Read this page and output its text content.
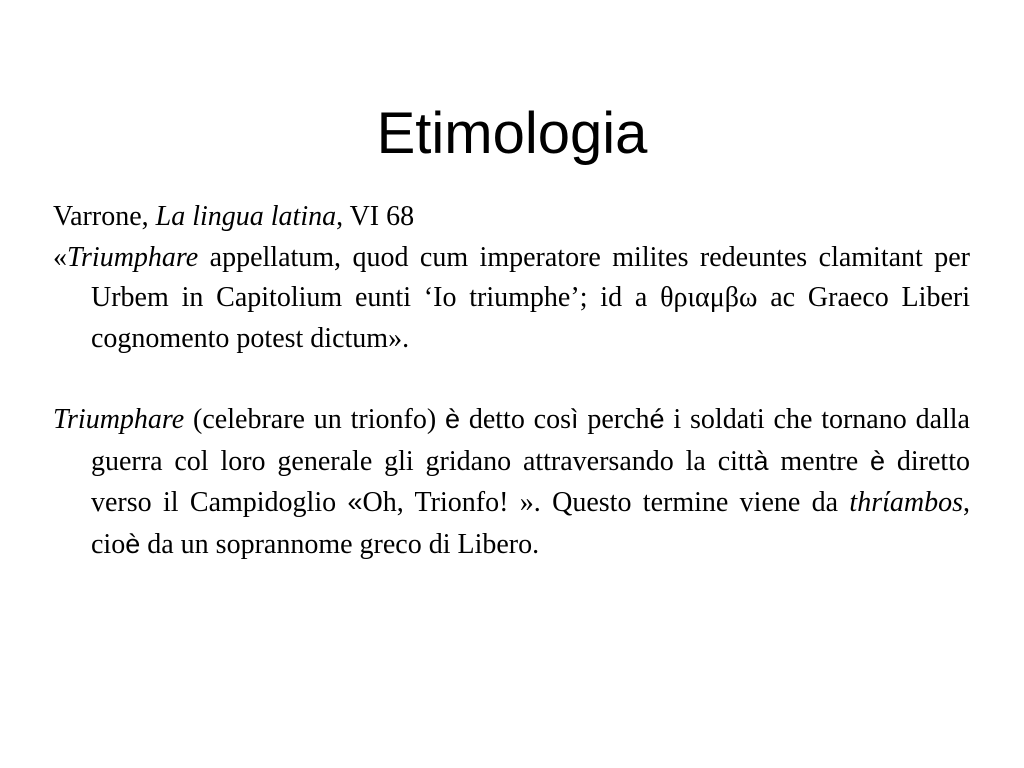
Etimologia

Varrone, La lingua latina, VI 68

«Triumphare appellatum, quod cum imperatore milites redeuntes clamitant per Urbem in Capitolium eunti ‘Io triumphe’; id a θριαμβω ac Graeco Liberi cognomento potest dictum».

Triumphare (celebrare un trionfo) è detto così perché i soldati che tornano dalla guerra col loro generale gli gridano attraversando la città mentre è diretto verso il Campidoglio «Oh, Trionfo! ». Questo termine viene da thrίambos, cioè da un soprannome greco di Libero.
